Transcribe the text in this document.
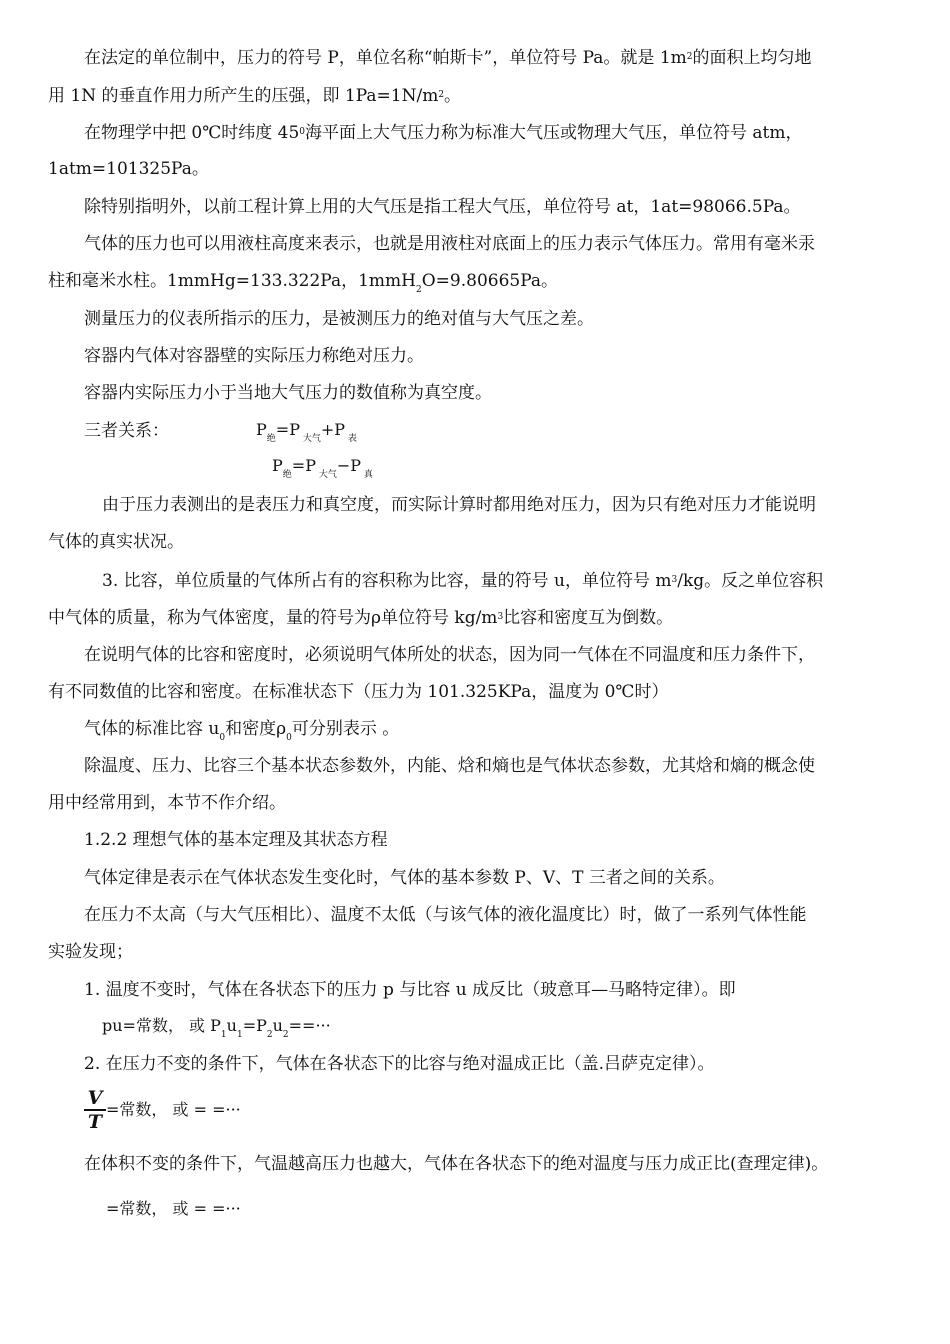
在法定的单位制中，压力的符号 P，单位名称“帕斯卡”，单位符号 Pa。就是 $1m^2$的面积上均匀地
用 1N 的垂直作用力所产生的压强，即 $1Pa=1N/m^2$。
在物理学中把 0℃时纬度 $45^0$海平面上大气压力称为标准大气压或物理大气压，单位符号 atm，
1atm=101325Pa。
除特别指明外，以前工程计算上用的大气压是指工程大气压，单位符号 at，1at=98066.5Pa。
气体的压力也可以用液柱高度来表示，也就是用液柱对底面上的压力表示气体压力。常用有毫米汞
柱和毫米水柱。1mmHg=133.322Pa，1mmH$_2$O=9.80665Pa。
测量压力的仪表所指示的压力，是被测压力的绝对值与大气压之差。
容器内气体对容器壁的实际压力称绝对压力。
容器内实际压力小于当地大气压力的数值称为真空度。
三者关系：	$P_绝=P$ $_{大气}$+P $_表$
$P_绝=P$ $_{大气}$−P $_真$
由于压力表测出的是表压力和真空度，而实际计算时都用绝对压力，因为只有绝对压力才能说明
气体的真实状况。
3. 比容，单位质量的气体所占有的容积称为比容，量的符号 u，单位符号 $m^3/kg$。反之单位容积
中气体的质量，称为气体密度，量的符号为ρ单位符号 $kg/m^3$比容和密度互为倒数。
在说明气体的比容和密度时，必须说明气体所处的状态，因为同一气体在不同温度和压力条件下，
有不同数值的比容和密度。在标准状态下（压力为 101.325KPa，温度为 0℃时）
气体的标准比容 $u_0$和密度$\rho_0$可分别表示 。
除温度、压力、比容三个基本状态参数外，内能、焓和熵也是气体状态参数，尤其焓和熵的概念使
用中经常用到，本节不作介绍。
1.2.2 理想气体的基本定理及其状态方程
气体定律是表示在气体状态发生变化时，气体的基本参数 P、V、T 三者之间的关系。
在压力不太高（与大气压相比）、温度不太低（与该气体的液化温度比）时，做了一系列气体性能
实验发现；
1. 温度不变时，气体在各状态下的压力 p 与比容 u 成反比（玻意耳—马略特定律）。即
pu=常数， 或 $P_1u_1=P_2u_2==\cdot\cdot\cdot$
2. 在压力不变的条件下，气体在各状态下的比容与绝对温成正比（盖.吕萨克定律）。
V
T
=常数， 或 = =···
在体积不变的条件下，气温越高压力也越大，气体在各状态下的绝对温度与压力成正比(查理定律)。
=常数， 或 = =···
